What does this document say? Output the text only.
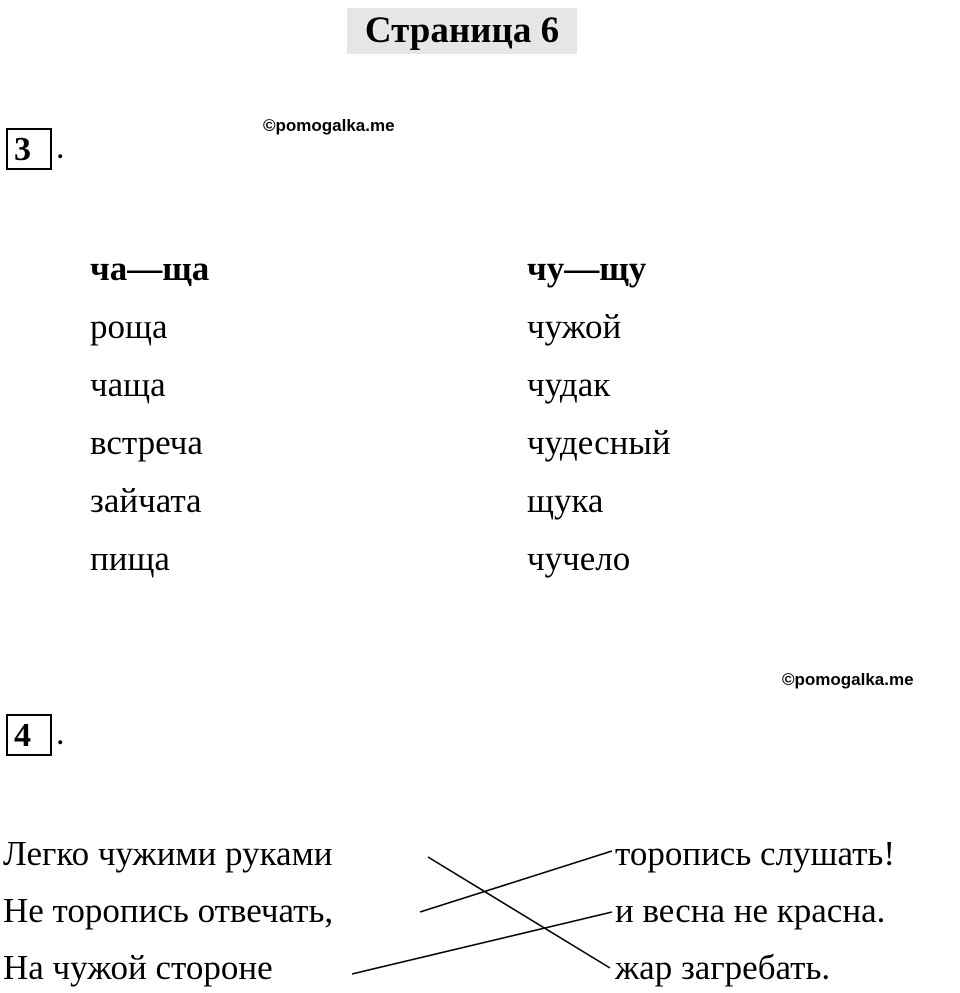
Страница 6
©pomogalka.me
3 .
ча—ща
роща
чаща
встреча
зайчата
пища
чу—щу
чужой
чудак
чудесный
щука
чучело
©pomogalka.me
4 .
Легко чужими руками
Не торопись отвечать,
На чужой стороне
торопись слушать!
и весна не красна.
жар загребать.
